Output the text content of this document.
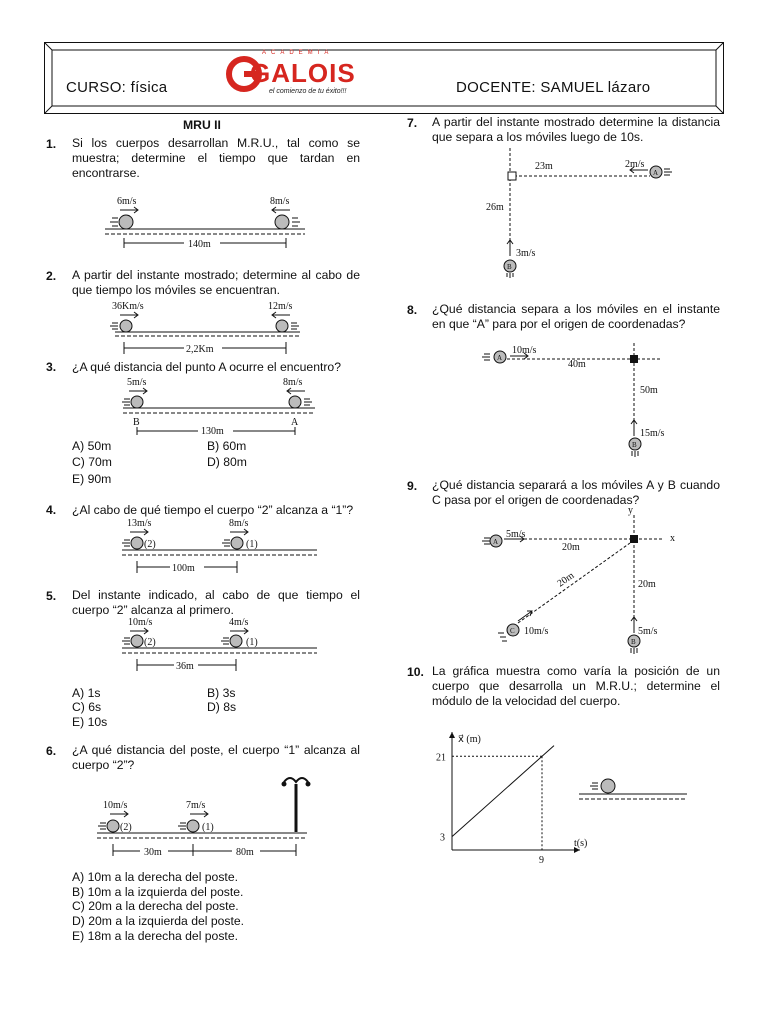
CURSO: física
ACADEMIA
GALOIS
el comienzo de tu éxito!!!	DOCENTE: SAMUEL lázaro
MRU II
1. Si los cuerpos desarrollan M.R.U., tal como se muestra; determine el tiempo que tardan en encontrarse.
6m/s	8m/s
140m
2. A partir del instante mostrado; determine al cabo de que tiempo los móviles se encuentran.
36Km/s	12m/s
2,2Km
3. ¿A qué distancia del punto A ocurre el encuentro?
5m/s	8m/s
B	A
130m
A) 50m	B) 60m
C) 70m	D) 80m
E) 90m
4. ¿Al cabo de qué tiempo el cuerpo “2” alcanza a “1”?
13m/s	8m/s
(2)	(1)
100m
5. Del instante indicado, al cabo de que tiempo el cuerpo “2” alcanza al primero.
10m/s	4m/s
(2)	(1)
36m
A) 1s	B) 3s
C) 6s	D) 8s
E) 10s
6. ¿A qué distancia del poste, el cuerpo “1” alcanza al cuerpo “2”?
10m/s	7m/s
(2)	(1)
30m	80m
A) 10m a la derecha del poste.
B) 10m a la izquierda del poste.
C) 20m a la derecha del poste.
D) 20m a la izquierda del poste.
E) 18m a la derecha del poste.
7. A partir del instante mostrado determine la distancia que separa a los móviles luego de 10s.
23m	2m/s
A
26m
3m/s
B
8. ¿Qué distancia separa a los móviles en el instante en que “A” para por el origen de coordenadas?
10m/s
A
40m
50m
15m/s
B
9. ¿Qué distancia separará a los móviles A y B cuando C pasa por el origen de coordenadas?
y
x
5m/s
A	20m
20m
C 10m/s
20m
5m/s
B
10. La gráfica muestra como varía la posición de un cuerpo que desarrolla un M.R.U.; determine el módulo de la velocidad del cuerpo.
x⃗ (m)
t(s)
21
3
9
